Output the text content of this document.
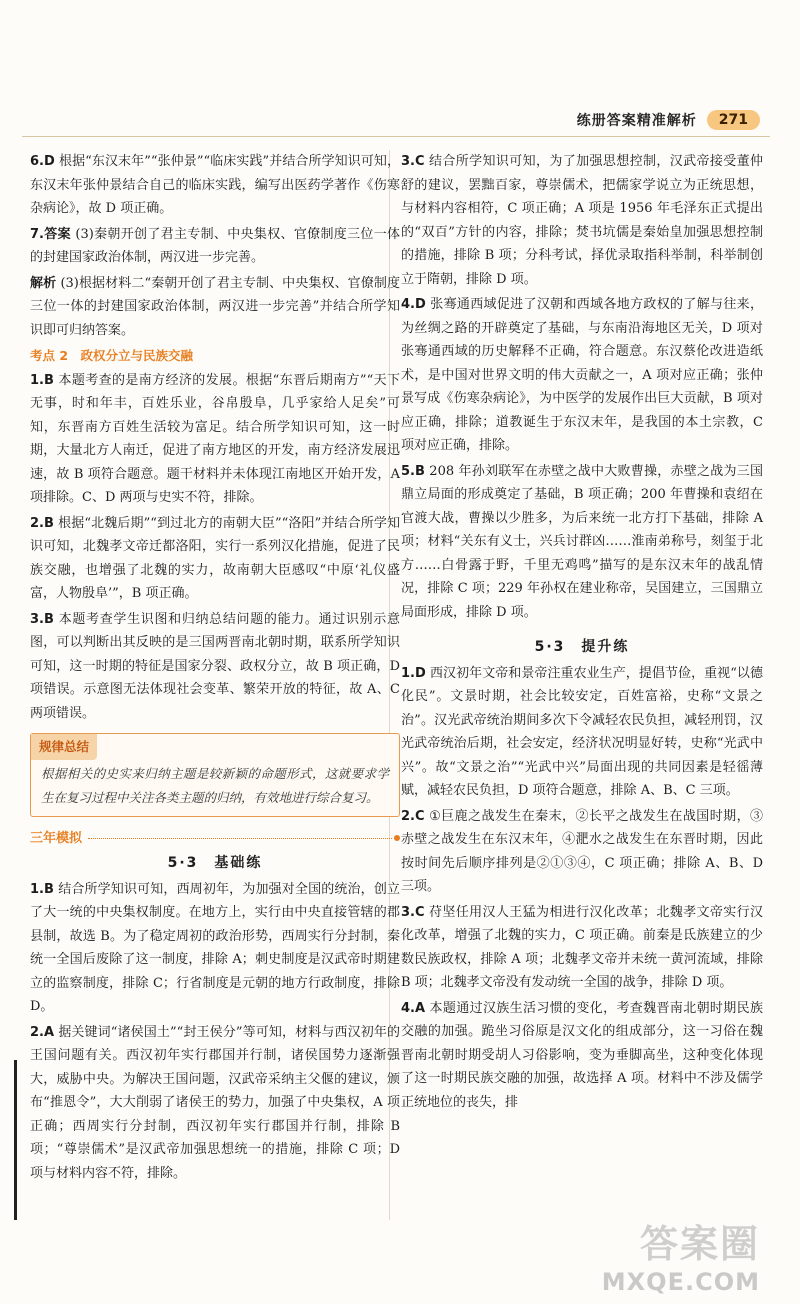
练册答案精准解析	271
6.D 根据“东汉末年”“张仲景”“临床实践”并结合所学知识可知，东汉末年张仲景结合自己的临床实践，编写出医药学著作《伤寒杂病论》，故 D 项正确。
7.答案 (3)秦朝开创了君主专制、中央集权、官僚制度三位一体的封建国家政治体制，两汉进一步完善。
解析 (3)根据材料二“秦朝开创了君主专制、中央集权、官僚制度三位一体的封建国家政治体制，两汉进一步完善”并结合所学知识即可归纳答案。
考点 2　政权分立与民族交融
1.B 本题考查的是南方经济的发展。根据“东晋后期南方”“天下无事，时和年丰，百姓乐业，谷帛殷阜，几乎家给人足矣”可知，东晋南方百姓生活较为富足。结合所学知识可知，这一时期，大量北方人南迁，促进了南方地区的开发，南方经济发展迅速，故 B 项符合题意。题干材料并未体现江南地区开始开发，A 项排除。C、D 两项与史实不符，排除。
2.B 根据“北魏后期”“到过北方的南朝大臣”“洛阳”并结合所学知识可知，北魏孝文帝迁都洛阳，实行一系列汉化措施，促进了民族交融，也增强了北魏的实力，故南朝大臣感叹“中原‘礼仪盛富，人物殷阜’”，B 项正确。
3.B 本题考查学生识图和归纳总结问题的能力。通过识别示意图，可以判断出其反映的是三国两晋南北朝时期，联系所学知识可知，这一时期的特征是国家分裂、政权分立，故 B 项正确，D 项错误。示意图无法体现社会变革、繁荣开放的特征，故 A、C 两项错误。
规律总结
根据相关的史实来归纳主题是较新颖的命题形式，这就要求学生在复习过程中关注各类主题的归纳，有效地进行综合复习。
三年模拟
5·3　基础练
1.B 结合所学知识可知，西周初年，为加强对全国的统治，创立了大一统的中央集权制度。在地方上，实行由中央直接管辖的郡县制，故选 B。为了稳定周初的政治形势，西周实行分封制，秦统一全国后废除了这一制度，排除 A；刺史制度是汉武帝时期建立的监察制度，排除 C；行省制度是元朝的地方行政制度，排除 D。
2.A 据关键词“诸侯国土”“封王侯分”等可知，材料与西汉初年的王国问题有关。西汉初年实行郡国并行制，诸侯国势力逐渐强大，威胁中央。为解决王国问题，汉武帝采纳主父偃的建议，颁布“推恩令”，大大削弱了诸侯王的势力，加强了中央集权，A 项正确；西周实行分封制，西汉初年实行郡国并行制，排除 B 项；“尊崇儒术”是汉武帝加强思想统一的措施，排除 C 项；D 项与材料内容不符，排除。
3.C 结合所学知识可知，为了加强思想控制，汉武帝接受董仲舒的建议，罢黜百家，尊崇儒术，把儒家学说立为正统思想，与材料内容相符，C 项正确；A 项是 1956 年毛泽东正式提出的“双百”方针的内容，排除；焚书坑儒是秦始皇加强思想控制的措施，排除 B 项；分科考试，择优录取指科举制，科举制创立于隋朝，排除 D 项。
4.D 张骞通西域促进了汉朝和西域各地方政权的了解与往来，为丝绸之路的开辟奠定了基础，与东南沿海地区无关，D 项对张骞通西域的历史解释不正确，符合题意。东汉蔡伦改进造纸术，是中国对世界文明的伟大贡献之一，A 项对应正确；张仲景写成《伤寒杂病论》，为中医学的发展作出巨大贡献，B 项对应正确，排除；道教诞生于东汉末年，是我国的本土宗教，C 项对应正确，排除。
5.B 208 年孙刘联军在赤壁之战中大败曹操，赤壁之战为三国鼎立局面的形成奠定了基础，B 项正确；200 年曹操和袁绍在官渡大战，曹操以少胜多，为后来统一北方打下基础，排除 A 项；材料“关东有义士，兴兵讨群凶……淮南弟称号，刻玺于北方……白骨露于野，千里无鸡鸣”描写的是东汉末年的战乱情况，排除 C 项；229 年孙权在建业称帝，吴国建立，三国鼎立局面形成，排除 D 项。
5·3　提升练
1.D 西汉初年文帝和景帝注重农业生产，提倡节俭，重视“以德化民”。文景时期，社会比较安定，百姓富裕，史称“文景之治”。汉光武帝统治期间多次下令减轻农民负担，减轻刑罚，汉光武帝统治后期，社会安定，经济状况明显好转，史称“光武中兴”。故“文景之治”“光武中兴”局面出现的共同因素是轻徭薄赋，减轻农民负担，D 项符合题意，排除 A、B、C 三项。
2.C ①巨鹿之战发生在秦末，②长平之战发生在战国时期，③赤壁之战发生在东汉末年，④淝水之战发生在东晋时期，因此按时间先后顺序排列是②①③④，C 项正确；排除 A、B、D 三项。
3.C 苻坚任用汉人王猛为相进行汉化改革；北魏孝文帝实行汉化改革，增强了北魏的实力，C 项正确。前秦是氐族建立的少数民族政权，排除 A 项；北魏孝文帝并未统一黄河流域，排除 B 项；北魏孝文帝没有发动统一全国的战争，排除 D 项。
4.A 本题通过汉族生活习惯的变化，考查魏晋南北朝时期民族交融的加强。跪坐习俗原是汉文化的组成部分，这一习俗在魏晋南北朝时期受胡人习俗影响，变为垂脚高坐，这种变化体现了这一时期民族交融的加强，故选择 A 项。材料中不涉及儒学正统地位的丧失，排
答案圈
MXQE.COM
